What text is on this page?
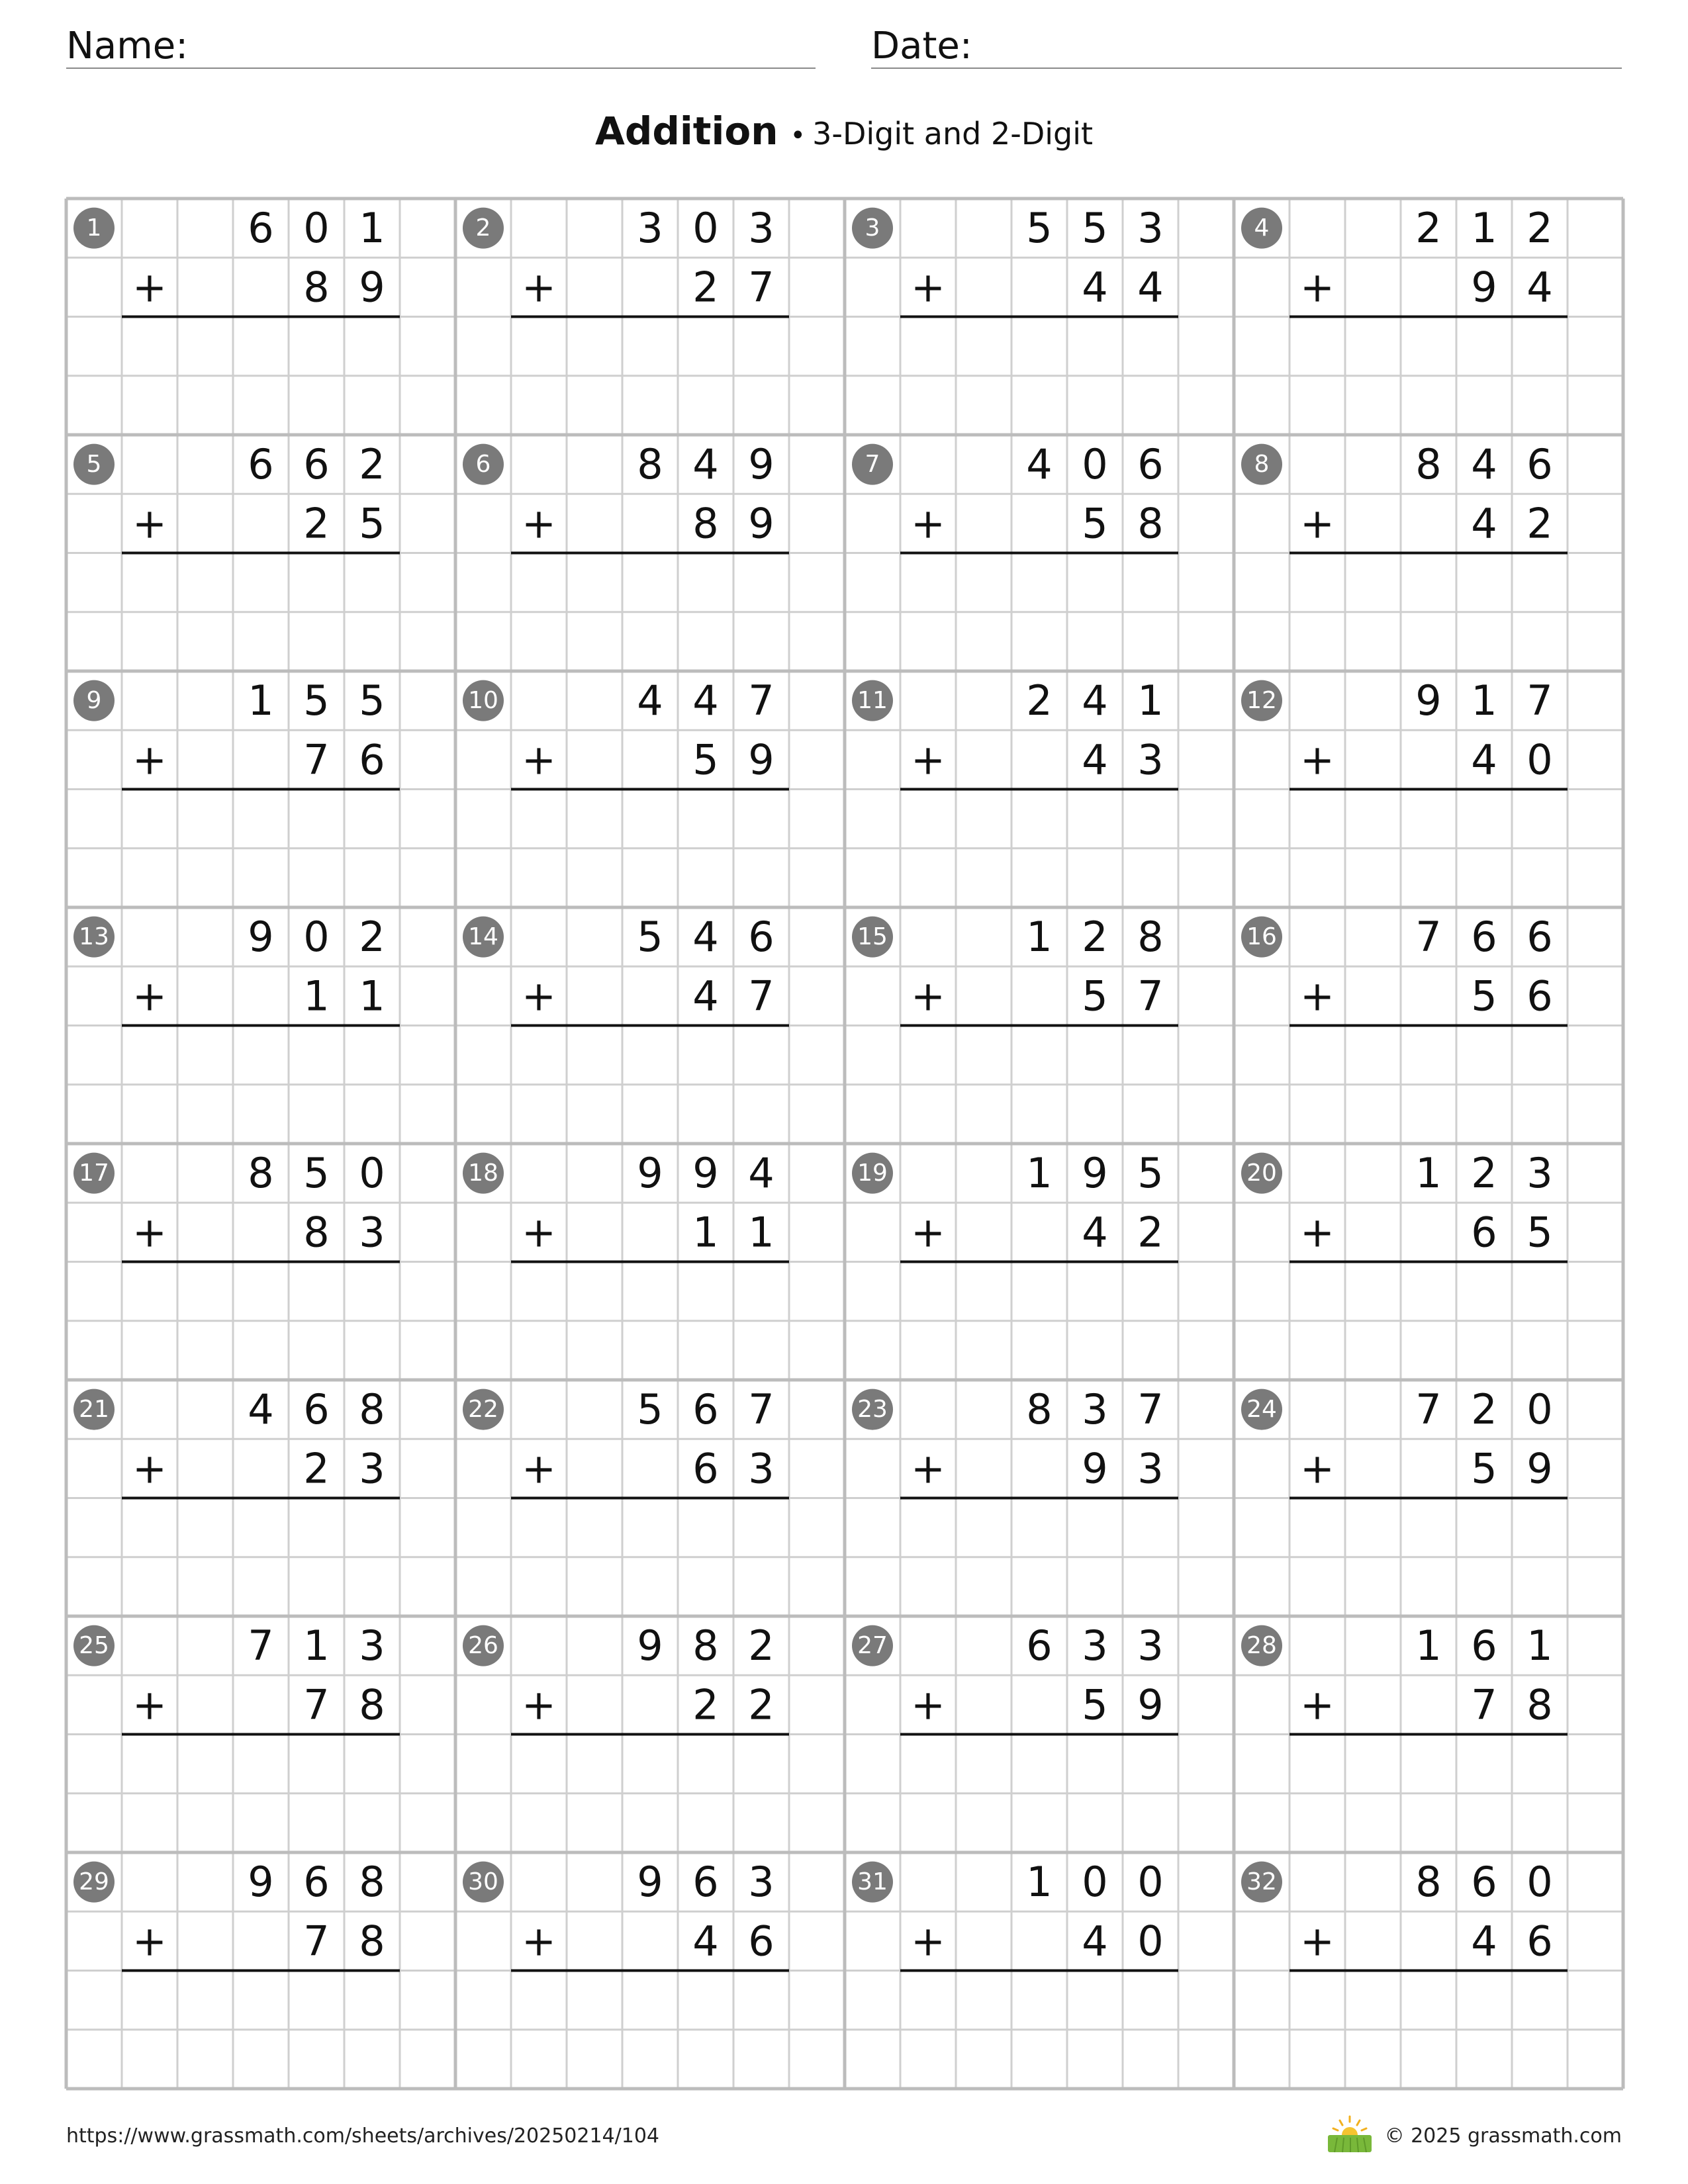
Name:	Date:
Addition • 3-Digit and 2-Digit
1	6 0 1
+	8 9
2	3 0 3
+	2 7
3	5 5 3
+	4 4
4	2 1 2
+	9 4
5	6 6 2
+	2 5
6	8 4 9
+	8 9
7	4 0 6
+	5 8
8	8 4 6
+	4 2
9	1 5 5
+	7 6
10	4 4 7
+	5 9
11	2 4 1
+	4 3
12	9 1 7
+	4 0
13	9 0 2
+	1 1
14	5 4 6
+	4 7
15	1 2 8
+	5 7
16	7 6 6
+	5 6
17	8 5 0
+	8 3
18	9 9 4
+	1 1
19	1 9 5
+	4 2
20	1 2 3
+	6 5
21	4 6 8
+	2 3
22	5 6 7
+	6 3
23	8 3 7
+	9 3
24	7 2 0
+	5 9
25	7 1 3
+	7 8
26	9 8 2
+	2 2
27	6 3 3
+	5 9
28	1 6 1
+	7 8
29	9 6 8
+	7 8
30	9 6 3
+	4 6
31	1 0 0
+	4 0
32	8 6 0
+	4 6
https://www.grassmath.com/sheets/archives/20250214/104	© 2025 grassmath.com
